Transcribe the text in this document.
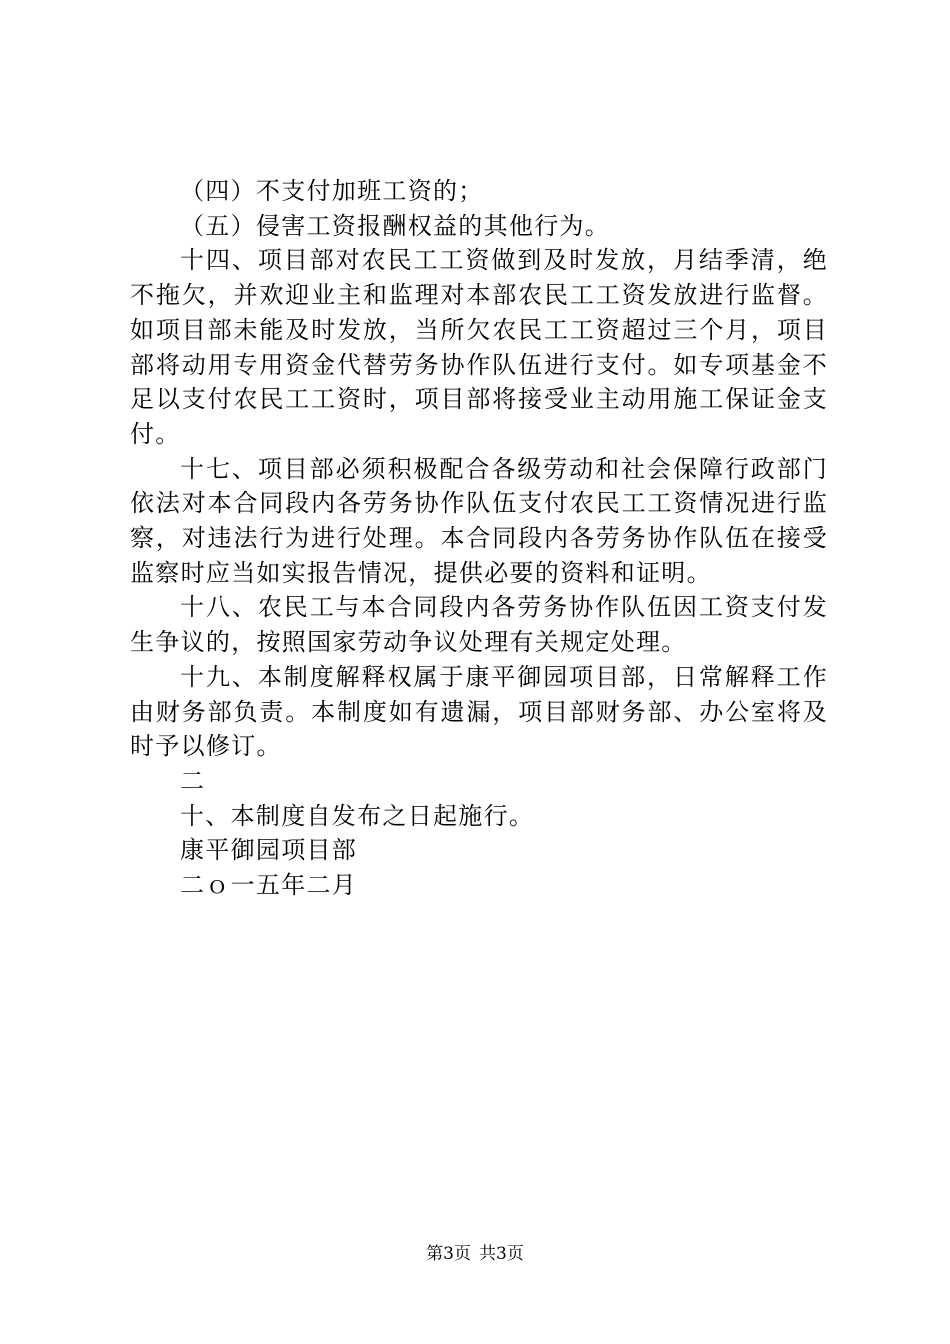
（四）不支付加班工资的；

（五）侵害工资报酬权益的其他行为。

十四、项目部对农民工工资做到及时发放，月结季清，绝不拖欠，并欢迎业主和监理对本部农民工工资发放进行监督。如项目部未能及时发放，当所欠农民工工资超过三个月，项目部将动用专用资金代替劳务协作队伍进行支付。如专项基金不足以支付农民工工资时，项目部将接受业主动用施工保证金支付。

十七、项目部必须积极配合各级劳动和社会保障行政部门依法对本合同段内各劳务协作队伍支付农民工工资情况进行监察，对违法行为进行处理。本合同段内各劳务协作队伍在接受监察时应当如实报告情况，提供必要的资料和证明。

十八、农民工与本合同段内各劳务协作队伍因工资支付发生争议的，按照国家劳动争议处理有关规定处理。

十九、本制度解释权属于康平御园项目部，日常解释工作由财务部负责。本制度如有遗漏，项目部财务部、办公室将及时予以修订。

二

十、本制度自发布之日起施行。

康平御园项目部

二ｏ一五年二月

第3页 共3页
